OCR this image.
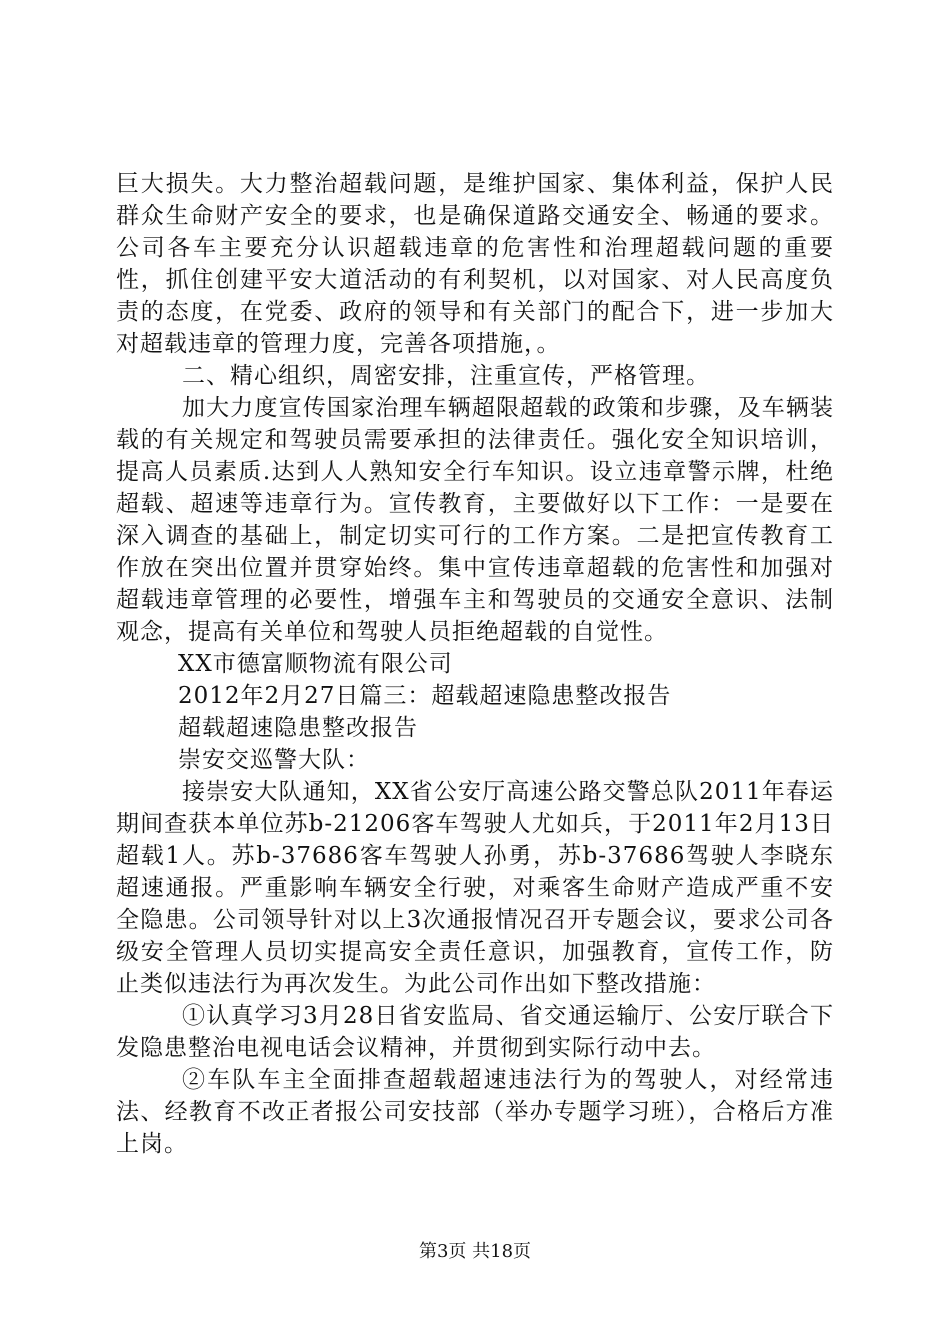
巨大损失。大力整治超载问题，是维护国家、集体利益，保护人民群众生命财产安全的要求，也是确保道路交通安全、畅通的要求。公司各车主要充分认识超载违章的危害性和治理超载问题的重要性，抓住创建平安大道活动的有利契机，以对国家、对人民高度负责的态度，在党委、政府的领导和有关部门的配合下，进一步加大对超载违章的管理力度，完善各项措施，。

二、精心组织，周密安排，注重宣传，严格管理。

加大力度宣传国家治理车辆超限超载的政策和步骤，及车辆装载的有关规定和驾驶员需要承担的法律责任。强化安全知识培训，提高人员素质.达到人人熟知安全行车知识。设立违章警示牌，杜绝超载、超速等违章行为。宣传教育，主要做好以下工作：一是要在深入调查的基础上，制定切实可行的工作方案。二是把宣传教育工作放在突出位置并贯穿始终。集中宣传违章超载的危害性和加强对超载违章管理的必要性，增强车主和驾驶员的交通安全意识、法制观念，提高有关单位和驾驶人员拒绝超载的自觉性。

XX市德富顺物流有限公司

2012年2月27日篇三：超载超速隐患整改报告

超载超速隐患整改报告

崇安交巡警大队：

接崇安大队通知，XX省公安厅高速公路交警总队2011年春运期间查获本单位苏b-21206客车驾驶人尤如兵，于2011年2月13日超载1人。苏b-37686客车驾驶人孙勇，苏b-37686驾驶人李晓东超速通报。严重影响车辆安全行驶，对乘客生命财产造成严重不安全隐患。公司领导针对以上3次通报情况召开专题会议，要求公司各级安全管理人员切实提高安全责任意识，加强教育，宣传工作，防止类似违法行为再次发生。为此公司作出如下整改措施：

①认真学习3月28日省安监局、省交通运输厅、公安厅联合下发隐患整治电视电话会议精神，并贯彻到实际行动中去。

②车队车主全面排查超载超速违法行为的驾驶人，对经常违法、经教育不改正者报公司安技部（举办专题学习班），合格后方准上岗。

第3页 共18页
